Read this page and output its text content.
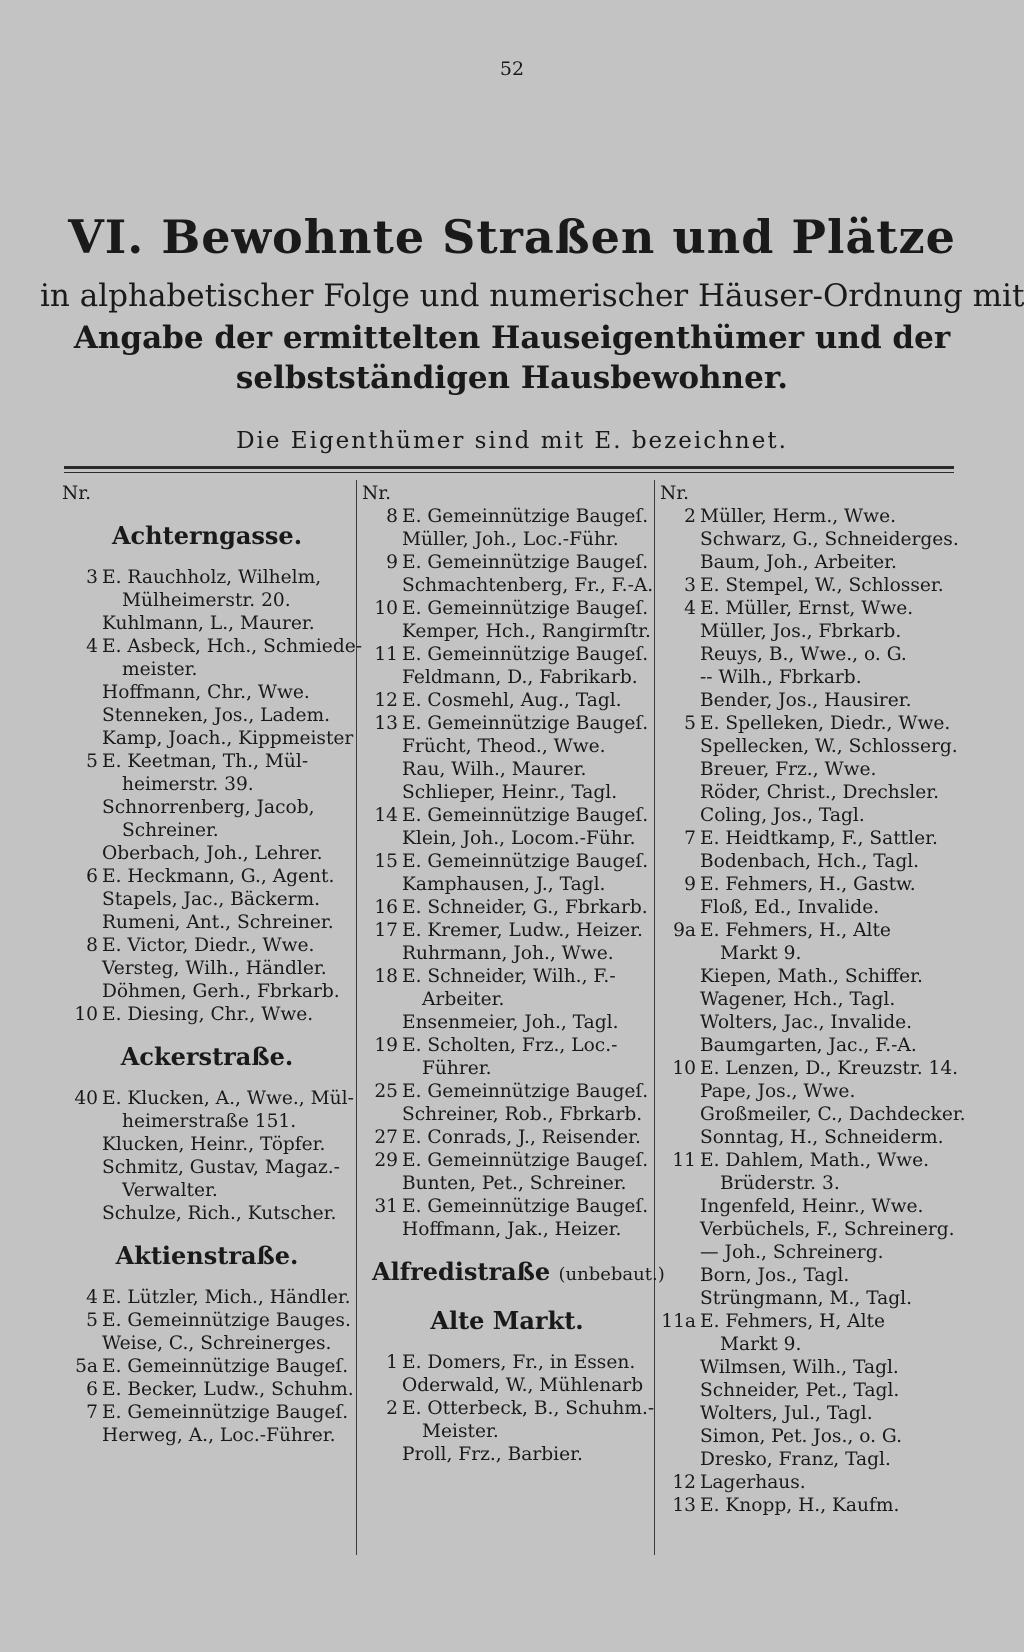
52
VI. Bewohnte Straßen und Plätze
in alphabetischer Folge und numerischer Häuser-Ordnung mit
Angabe der ermittelten Hauseigenthümer und der
selbstständigen Hausbewohner.
Die Eigenthümer sind mit E. bezeichnet.
Nr.
Achterngasse.
3 E. Rauchholz, Wilhelm,
Mülheimerstr. 20.
Kuhlmann, L., Maurer.
4 E. Asbeck, Hch., Schmiede-
meister.
Hoffmann, Chr., Wwe.
Stenneken, Jos., Ladem.
Kamp, Joach., Kippmeister
5 E. Keetman, Th., Mül-
heimerstr. 39.
Schnorrenberg, Jacob,
Schreiner.
Oberbach, Joh., Lehrer.
6 E. Heckmann, G., Agent.
Stapels, Jac., Bäckerm.
Rumeni, Ant., Schreiner.
8 E. Victor, Diedr., Wwe.
Versteg, Wilh., Händler.
Döhmen, Gerh., Fbrkarb.
10 E. Diesing, Chr., Wwe.
Ackerstraße.
40 E. Klucken, A., Wwe., Mül-
heimerstraße 151.
Klucken, Heinr., Töpfer.
Schmitz, Gustav, Magaz.-
Verwalter.
Schulze, Rich., Kutscher.
Aktienstraße.
4 E. Lützler, Mich., Händler.
5 E. Gemeinnützige Bauges.
Weise, C., Schreinerges.
5a E. Gemeinnützige Baugeſ.
6 E. Becker, Ludw., Schuhm.
7 E. Gemeinnützige Baugeſ.
Herweg, A., Loc.-Führer.
Nr.
8 E. Gemeinnützige Baugeſ.
Müller, Joh., Loc.-Führ.
9 E. Gemeinnützige Baugeſ.
Schmachtenberg, Fr., F.-A.
10 E. Gemeinnützige Baugeſ.
Kemper, Hch., Rangirmſtr.
11 E. Gemeinnützige Baugeſ.
Feldmann, D., Fabrikarb.
12 E. Cosmehl, Aug., Tagl.
13 E. Gemeinnützige Baugeſ.
Frücht, Theod., Wwe.
Rau, Wilh., Maurer.
Schlieper, Heinr., Tagl.
14 E. Gemeinnützige Baugeſ.
Klein, Joh., Locom.-Führ.
15 E. Gemeinnützige Baugeſ.
Kamphausen, J., Tagl.
16 E. Schneider, G., Fbrkarb.
17 E. Kremer, Ludw., Heizer.
Ruhrmann, Joh., Wwe.
18 E. Schneider, Wilh., F.-
Arbeiter.
Ensenmeier, Joh., Tagl.
19 E. Scholten, Frz., Loc.-
Führer.
25 E. Gemeinnützige Baugeſ.
Schreiner, Rob., Fbrkarb.
27 E. Conrads, J., Reisender.
29 E. Gemeinnützige Baugeſ.
Bunten, Pet., Schreiner.
31 E. Gemeinnützige Baugeſ.
Hoffmann, Jak., Heizer.
Alfredistraße (unbebaut.)
Alte Markt.
1 E. Domers, Fr., in Essen.
Oderwald, W., Mühlenarb
2 E. Otterbeck, B., Schuhm.-
Meister.
Proll, Frz., Barbier.
Nr.
2 Müller, Herm., Wwe.
Schwarz, G., Schneiderges.
Baum, Joh., Arbeiter.
3 E. Stempel, W., Schlosser.
4 E. Müller, Ernst, Wwe.
Müller, Jos., Fbrkarb.
Reuys, B., Wwe., o. G.
-- Wilh., Fbrkarb.
Bender, Jos., Hausirer.
5 E. Spelleken, Diedr., Wwe.
Spellecken, W., Schlosserg.
Breuer, Frz., Wwe.
Röder, Christ., Drechsler.
Coling, Jos., Tagl.
7 E. Heidtkamp, F., Sattler.
Bodenbach, Hch., Tagl.
9 E. Fehmers, H., Gastw.
Floß, Ed., Invalide.
9a E. Fehmers, H., Alte
Markt 9.
Kiepen, Math., Schiffer.
Wagener, Hch., Tagl.
Wolters, Jac., Invalide.
Baumgarten, Jac., F.-A.
10 E. Lenzen, D., Kreuzstr. 14.
Pape, Jos., Wwe.
Großmeiler, C., Dachdecker.
Sonntag, H., Schneiderm.
11 E. Dahlem, Math., Wwe.
Brüderstr. 3.
Ingenfeld, Heinr., Wwe.
Verbüchels, F., Schreinerg.
— Joh., Schreinerg.
Born, Jos., Tagl.
Strüngmann, M., Tagl.
11a E. Fehmers, H, Alte
Markt 9.
Wilmsen, Wilh., Tagl.
Schneider, Pet., Tagl.
Wolters, Jul., Tagl.
Simon, Pet. Jos., o. G.
Dresko, Franz, Tagl.
12 Lagerhaus.
13 E. Knopp, H., Kaufm.
